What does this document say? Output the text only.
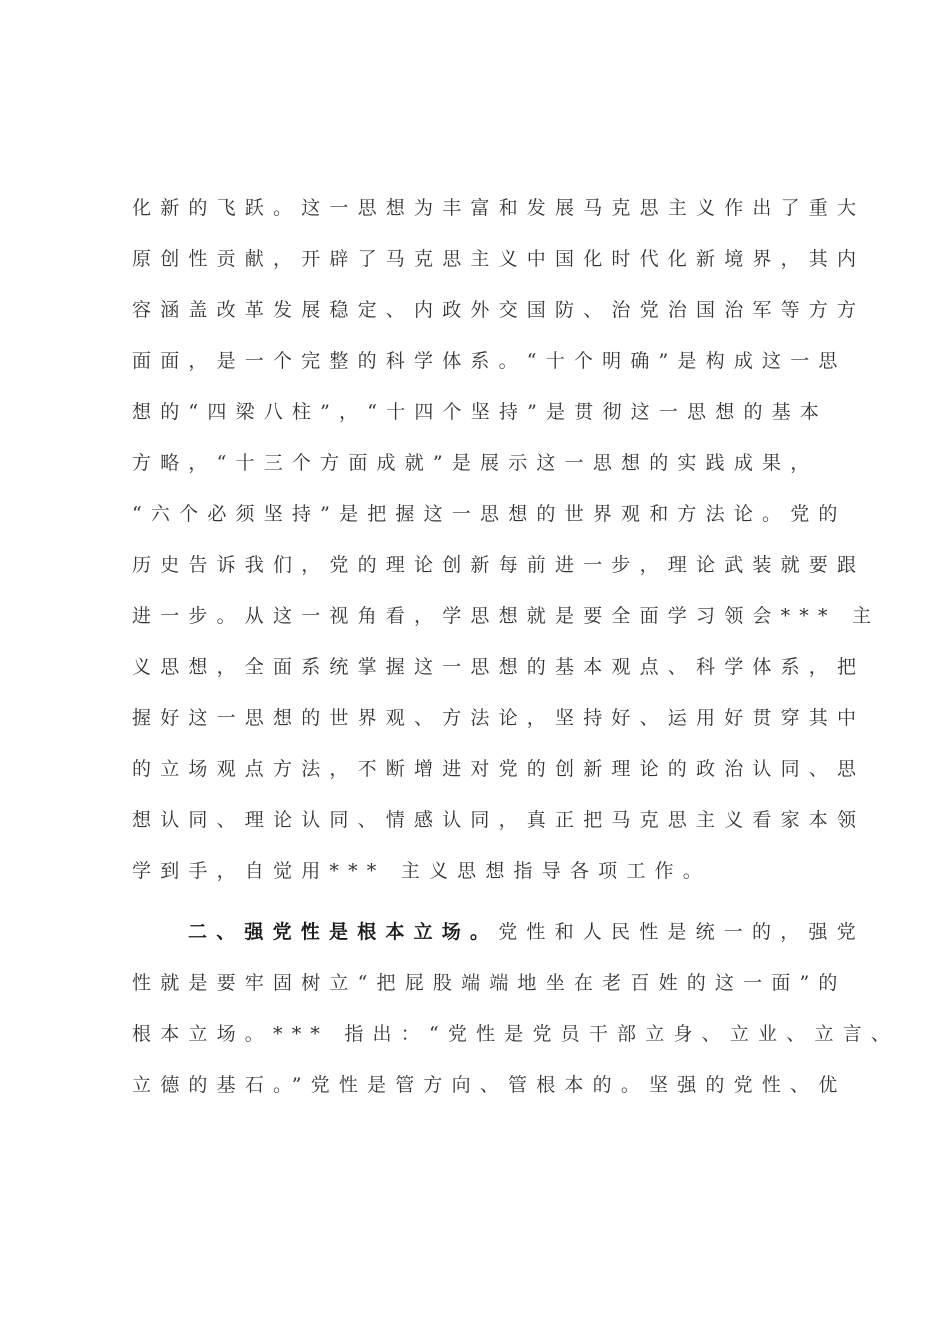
化新的飞跃。这一思想为丰富和发展马克思主义作出了重大
原创性贡献，开辟了马克思主义中国化时代化新境界，其内
容涵盖改革发展稳定、内政外交国防、治党治国治军等方方
面面，是一个完整的科学体系。“十个明确”是构成这一思
想的“四梁八柱”，“十四个坚持”是贯彻这一思想的基本
方略，“十三个方面成就”是展示这一思想的实践成果，
“六个必须坚持”是把握这一思想的世界观和方法论。党的
历史告诉我们，党的理论创新每前进一步，理论武装就要跟
进一步。从这一视角看，学思想就是要全面学习领会*** 主
义思想，全面系统掌握这一思想的基本观点、科学体系，把
握好这一思想的世界观、方法论，坚持好、运用好贯穿其中
的立场观点方法，不断增进对党的创新理论的政治认同、思
想认同、理论认同、情感认同，真正把马克思主义看家本领
学到手，自觉用*** 主义思想指导各项工作。
二、强党性是根本立场。党性和人民性是统一的，强党
性就是要牢固树立“把屁股端端地坐在老百姓的这一面”的
根本立场。*** 指出：“党性是党员干部立身、立业、立言、
立德的基石。”党性是管方向、管根本的。坚强的党性、优
